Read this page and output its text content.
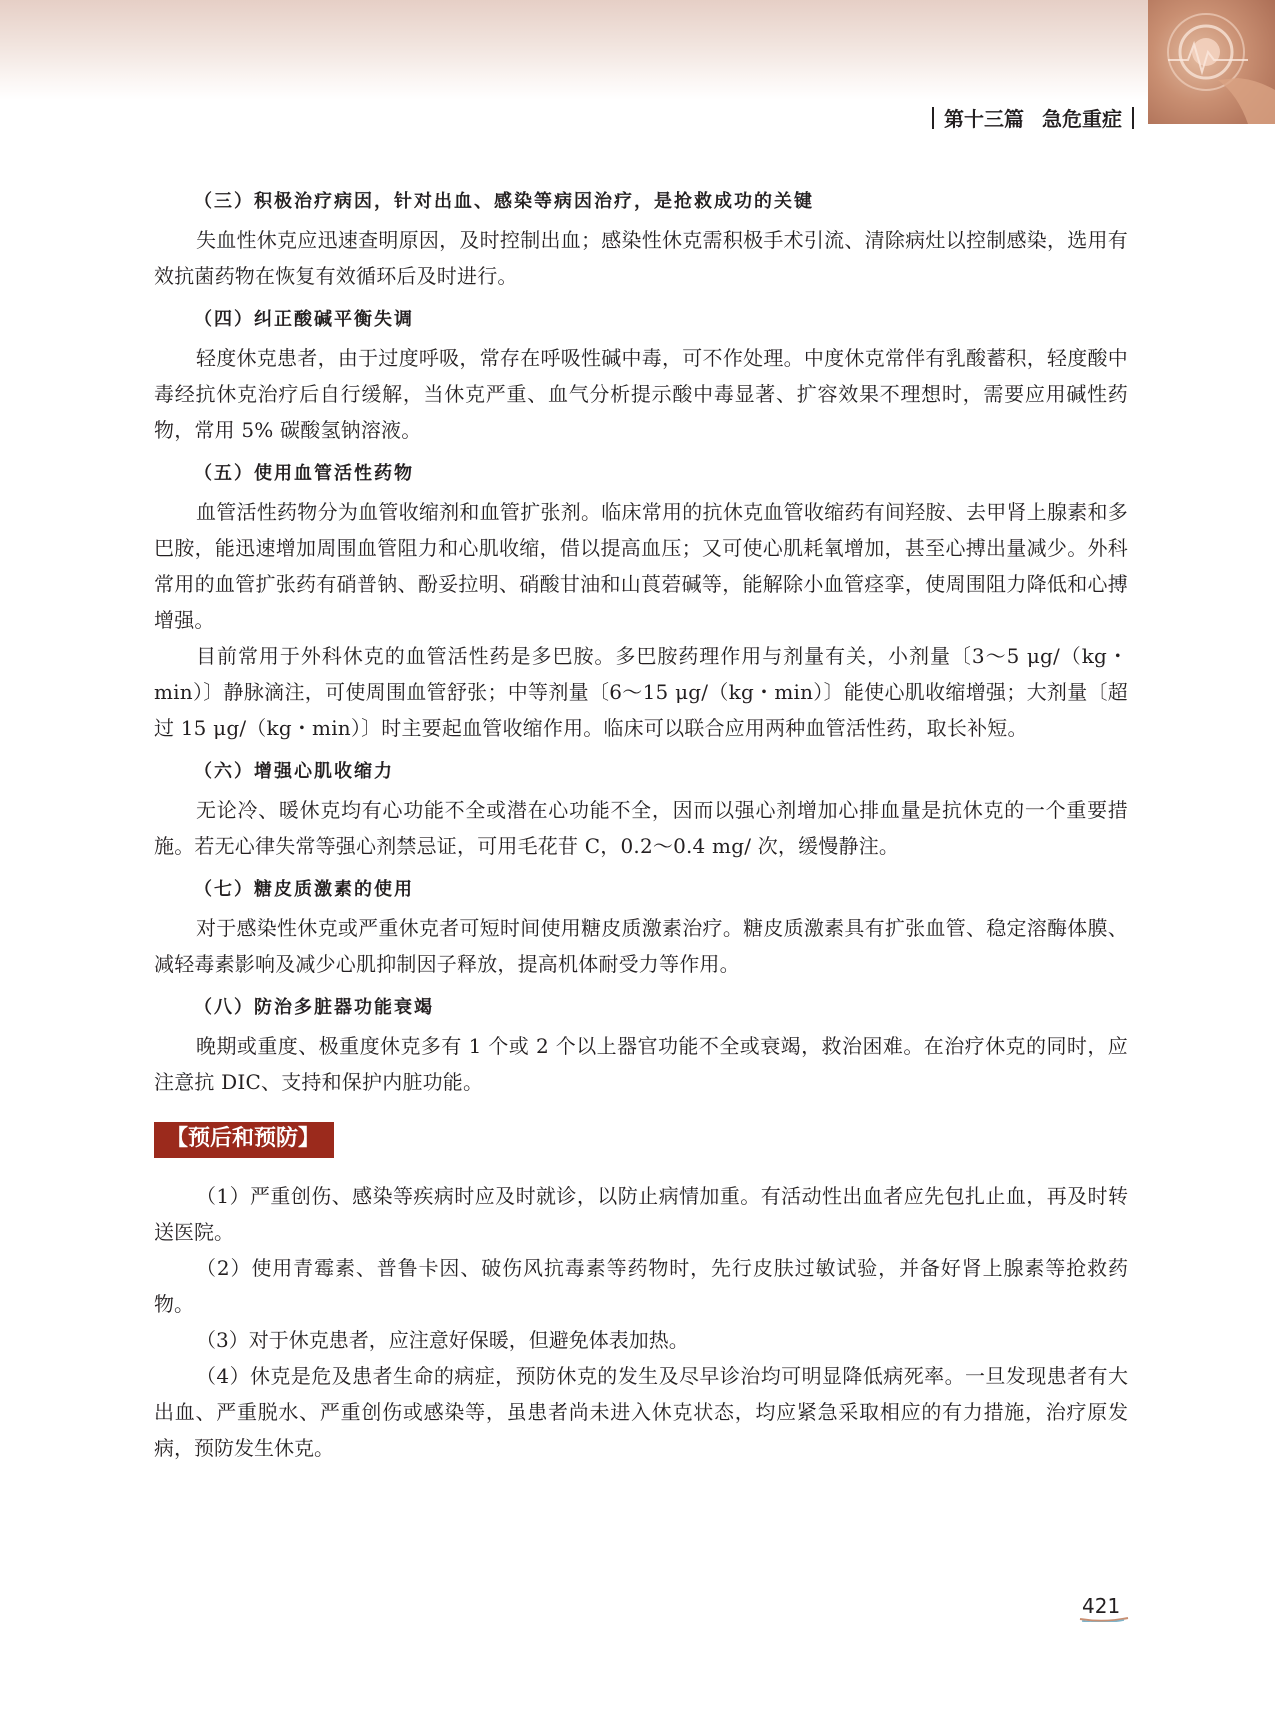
第十三篇 急危重症

（三）积极治疗病因，针对出血、感染等病因治疗，是抢救成功的关键

失血性休克应迅速查明原因，及时控制出血；感染性休克需积极手术引流、清除病灶以控制感染，选用有效抗菌药物在恢复有效循环后及时进行。

（四）纠正酸碱平衡失调

轻度休克患者，由于过度呼吸，常存在呼吸性碱中毒，可不作处理。中度休克常伴有乳酸蓄积，轻度酸中毒经抗休克治疗后自行缓解，当休克严重、血气分析提示酸中毒显著、扩容效果不理想时，需要应用碱性药物，常用 5% 碳酸氢钠溶液。

（五）使用血管活性药物

血管活性药物分为血管收缩剂和血管扩张剂。临床常用的抗休克血管收缩药有间羟胺、去甲肾上腺素和多巴胺，能迅速增加周围血管阻力和心肌收缩，借以提高血压；又可使心肌耗氧增加，甚至心搏出量减少。外科常用的血管扩张药有硝普钠、酚妥拉明、硝酸甘油和山莨菪碱等，能解除小血管痉挛，使周围阻力降低和心搏增强。

目前常用于外科休克的血管活性药是多巴胺。多巴胺药理作用与剂量有关，小剂量〔3～5 μg/（kg・min）〕静脉滴注，可使周围血管舒张；中等剂量〔6～15 μg/（kg・min）〕能使心肌收缩增强；大剂量〔超过 15 μg/（kg・min）〕时主要起血管收缩作用。临床可以联合应用两种血管活性药，取长补短。

（六）增强心肌收缩力

无论冷、暖休克均有心功能不全或潜在心功能不全，因而以强心剂增加心排血量是抗休克的一个重要措施。若无心律失常等强心剂禁忌证，可用毛花苷 C，0.2～0.4 mg/ 次，缓慢静注。

（七）糖皮质激素的使用

对于感染性休克或严重休克者可短时间使用糖皮质激素治疗。糖皮质激素具有扩张血管、稳定溶酶体膜、减轻毒素影响及减少心肌抑制因子释放，提高机体耐受力等作用。

（八）防治多脏器功能衰竭

晚期或重度、极重度休克多有 1 个或 2 个以上器官功能不全或衰竭，救治困难。在治疗休克的同时，应注意抗 DIC、支持和保护内脏功能。

【预后和预防】

（1）严重创伤、感染等疾病时应及时就诊，以防止病情加重。有活动性出血者应先包扎止血，再及时转送医院。

（2）使用青霉素、普鲁卡因、破伤风抗毒素等药物时，先行皮肤过敏试验，并备好肾上腺素等抢救药物。

（3）对于休克患者，应注意好保暖，但避免体表加热。

（4）休克是危及患者生命的病症，预防休克的发生及尽早诊治均可明显降低病死率。一旦发现患者有大出血、严重脱水、严重创伤或感染等，虽患者尚未进入休克状态，均应紧急采取相应的有力措施，治疗原发病，预防发生休克。

421
